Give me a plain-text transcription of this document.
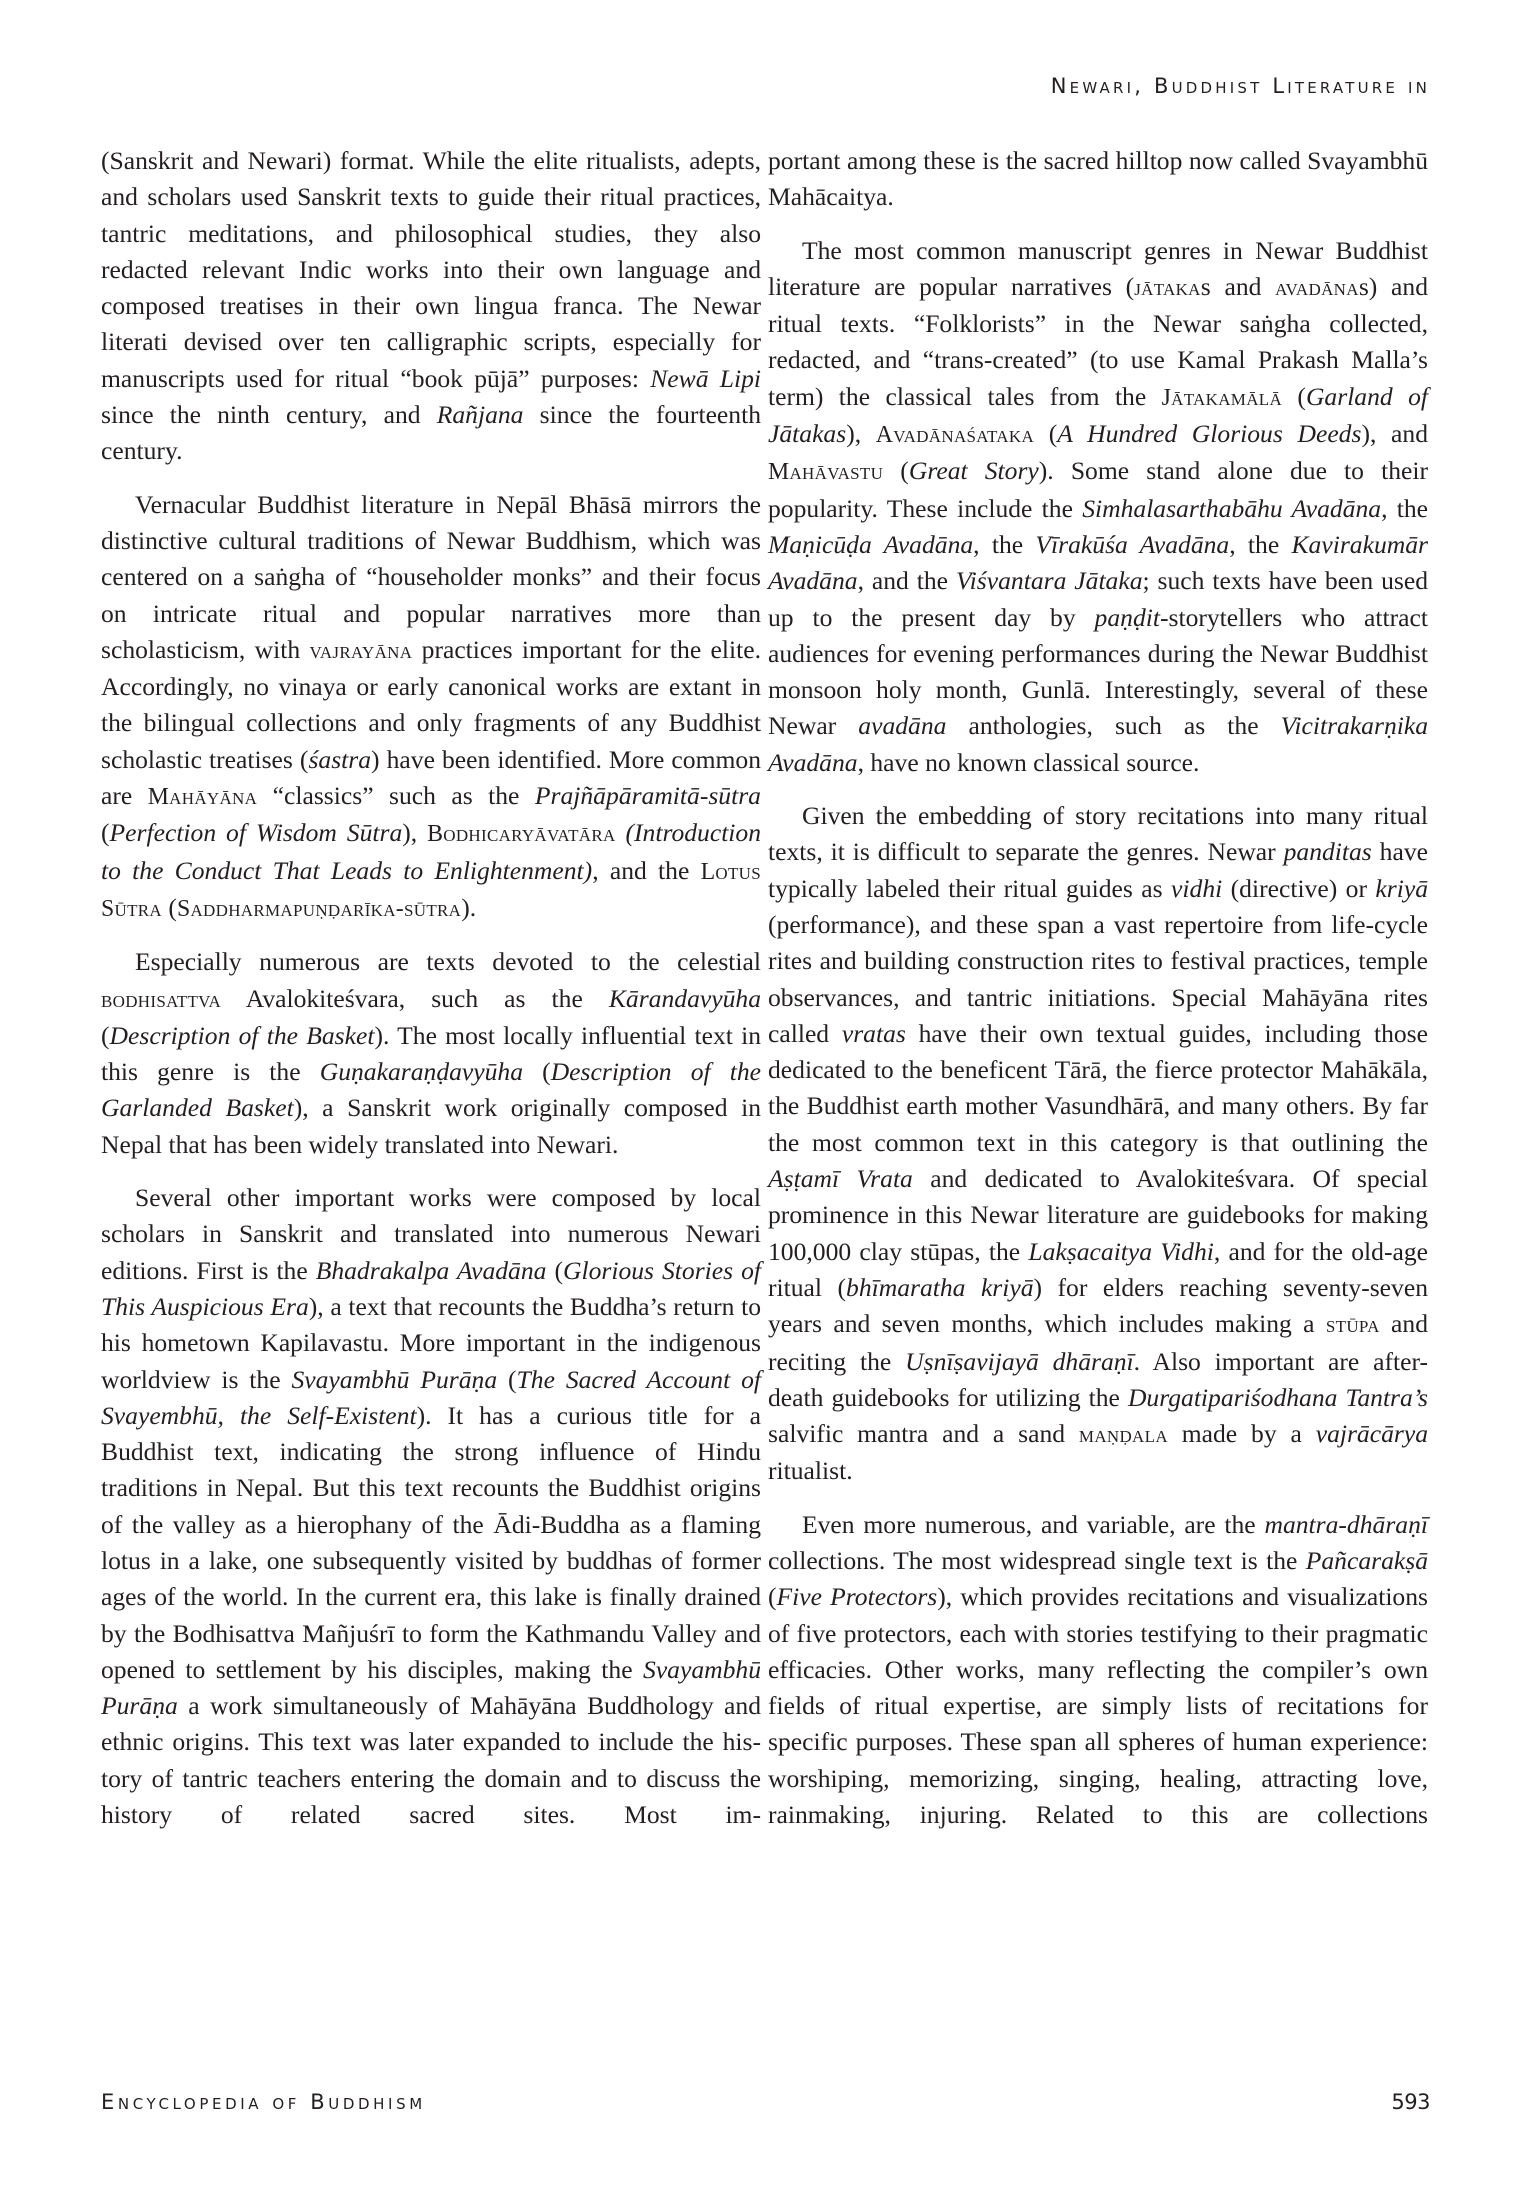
Newari, Buddhist Literature in

(Sanskrit and Newari) format. While the elite ritualists, adepts, and scholars used Sanskrit texts to guide their ritual practices, tantric meditations, and philosophical studies, they also redacted relevant Indic works into their own language and composed treatises in their own lingua franca. The Newar literati devised over ten calligraphic scripts, especially for manuscripts used for ritual “book pūjā” purposes: Newā Lipi since the ninth century, and Rañjana since the fourteenth century.

Vernacular Buddhist literature in Nepāl Bhāsā mirrors the distinctive cultural traditions of Newar Buddhism, which was centered on a saṅgha of “householder monks” and their focus on intricate ritual and popular narratives more than scholasticism, with vajrayāna practices important for the elite. Accordingly, no vinaya or early canonical works are extant in the bilingual collections and only fragments of any Buddhist scholastic treatises (śastra) have been identified. More common are Mahāyāna “classics” such as the Prajñāpāramitā-sūtra (Perfection of Wisdom Sūtra), Bodhicaryāvatāra (Introduction to the Conduct That Leads to Enlightenment), and the Lotus Sūtra (Saddharmapuṇḍarīka-sūtra).

Especially numerous are texts devoted to the celestial bodhisattva Avalokiteśvara, such as the Kārandavyūha (Description of the Basket). The most locally influential text in this genre is the Guṇakaraṇḍavyūha (Description of the Garlanded Basket), a Sanskrit work originally composed in Nepal that has been widely translated into Newari.

Several other important works were composed by local scholars in Sanskrit and translated into numerous Newari editions. First is the Bhadrakalpa Avadāna (Glorious Stories of This Auspicious Era), a text that recounts the Buddha’s return to his hometown Kapilavastu. More important in the indigenous worldview is the Svayambhū Purāṇa (The Sacred Account of Svayembhū, the Self-Existent). It has a curious title for a Buddhist text, indicating the strong influence of Hindu traditions in Nepal. But this text recounts the Buddhist origins of the valley as a hierophany of the Ādi-Buddha as a flaming lotus in a lake, one subsequently visited by buddhas of former ages of the world. In the current era, this lake is finally drained by the Bodhisattva Mañjuśrī to form the Kathmandu Valley and opened to settlement by his disciples, making the Svayambhū Purāṇa a work simultaneously of Mahāyāna Buddhology and ethnic origins. This text was later expanded to include the history of tantric teachers entering the domain and to discuss the history of related sacred sites. Most im-

portant among these is the sacred hilltop now called Svayambhū Mahācaitya.

The most common manuscript genres in Newar Buddhist literature are popular narratives (jātakas and avadānas) and ritual texts. “Folklorists” in the Newar saṅgha collected, redacted, and “trans-created” (to use Kamal Prakash Malla’s term) the classical tales from the Jātakamālā (Garland of Jātakas), Avadānaśataka (A Hundred Glorious Deeds), and Mahāvastu (Great Story). Some stand alone due to their popularity. These include the Simhalasarthabāhu Avadāna, the Maṇicūḍa Avadāna, the Vīrakūśa Avadāna, the Kavirakumār Avadāna, and the Viśvantara Jātaka; such texts have been used up to the present day by paṇḍit-storytellers who attract audiences for evening performances during the Newar Buddhist monsoon holy month, Gunlā. Interestingly, several of these Newar avadāna anthologies, such as the Vicitrakarṇika Avadāna, have no known classical source.

Given the embedding of story recitations into many ritual texts, it is difficult to separate the genres. Newar panditas have typically labeled their ritual guides as vidhi (directive) or kriyā (performance), and these span a vast repertoire from life-cycle rites and building construction rites to festival practices, temple observances, and tantric initiations. Special Mahāyāna rites called vratas have their own textual guides, including those dedicated to the beneficent Tārā, the fierce protector Mahākāla, the Buddhist earth mother Vasundhārā, and many others. By far the most common text in this category is that outlining the Aṣṭamī Vrata and dedicated to Avalokiteśvara. Of special prominence in this Newar literature are guidebooks for making 100,000 clay stūpas, the Lakṣacaitya Vidhi, and for the old-age ritual (bhīmaratha kriyā) for elders reaching seventy-seven years and seven months, which includes making a stūpa and reciting the Uṣnīṣavijayā dhāraṇī. Also important are after-death guidebooks for utilizing the Durgatipariśodhana Tantra’s salvific mantra and a sand maṇḍala made by a vajrācārya ritualist.

Even more numerous, and variable, are the mantra-dhāraṇī collections. The most widespread single text is the Pañcarakṣā (Five Protectors), which provides recitations and visualizations of five protectors, each with stories testifying to their pragmatic efficacies. Other works, many reflecting the compiler’s own fields of ritual expertise, are simply lists of recitations for specific purposes. These span all spheres of human experience: worshiping, memorizing, singing, healing, attracting love, rainmaking, injuring. Related to this are collections

Encyclopedia of Buddhism	593
